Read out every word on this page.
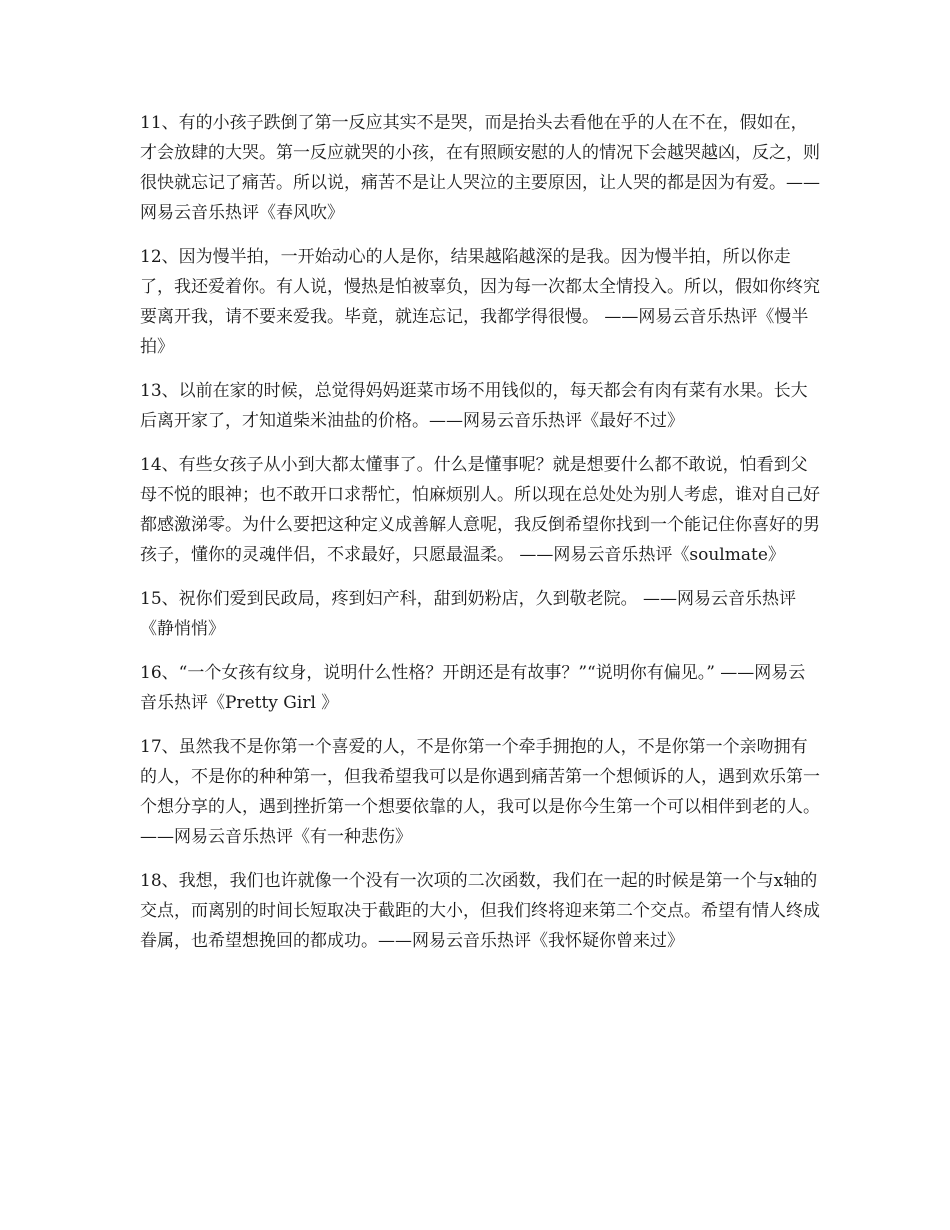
11、有的小孩子跌倒了第一反应其实不是哭，而是抬头去看他在乎的人在不在，假如在，才会放肆的大哭。第一反应就哭的小孩，在有照顾安慰的人的情况下会越哭越凶，反之，则很快就忘记了痛苦。所以说，痛苦不是让人哭泣的主要原因，让人哭的都是因为有爱。——网易云音乐热评《春风吹》

12、因为慢半拍，一开始动心的人是你，结果越陷越深的是我。因为慢半拍，所以你走了，我还爱着你。有人说，慢热是怕被辜负，因为每一次都太全情投入。所以，假如你终究要离开我，请不要来爱我。毕竟，就连忘记，我都学得很慢。 ——网易云音乐热评《慢半拍》

13、以前在家的时候，总觉得妈妈逛菜市场不用钱似的，每天都会有肉有菜有水果。长大后离开家了，才知道柴米油盐的价格。——网易云音乐热评《最好不过》

14、有些女孩子从小到大都太懂事了。什么是懂事呢？就是想要什么都不敢说，怕看到父母不悦的眼神；也不敢开口求帮忙，怕麻烦别人。所以现在总处处为别人考虑，谁对自己好都感激涕零。为什么要把这种定义成善解人意呢，我反倒希望你找到一个能记住你喜好的男孩子，懂你的灵魂伴侣，不求最好，只愿最温柔。 ——网易云音乐热评《soulmate》

15、祝你们爱到民政局，疼到妇产科，甜到奶粉店，久到敬老院。 ——网易云音乐热评《静悄悄》

16、“一个女孩有纹身，说明什么性格？开朗还是有故事？”“说明你有偏见。” ——网易云音乐热评《Pretty Girl 》

17、虽然我不是你第一个喜爱的人，不是你第一个牵手拥抱的人，不是你第一个亲吻拥有的人，不是你的种种第一，但我希望我可以是你遇到痛苦第一个想倾诉的人，遇到欢乐第一个想分享的人，遇到挫折第一个想要依靠的人，我可以是你今生第一个可以相伴到老的人。——网易云音乐热评《有一种悲伤》

18、我想，我们也许就像一个没有一次项的二次函数，我们在一起的时候是第一个与x轴的交点，而离别的时间长短取决于截距的大小，但我们终将迎来第二个交点。希望有情人终成眷属，也希望想挽回的都成功。——网易云音乐热评《我怀疑你曾来过》
